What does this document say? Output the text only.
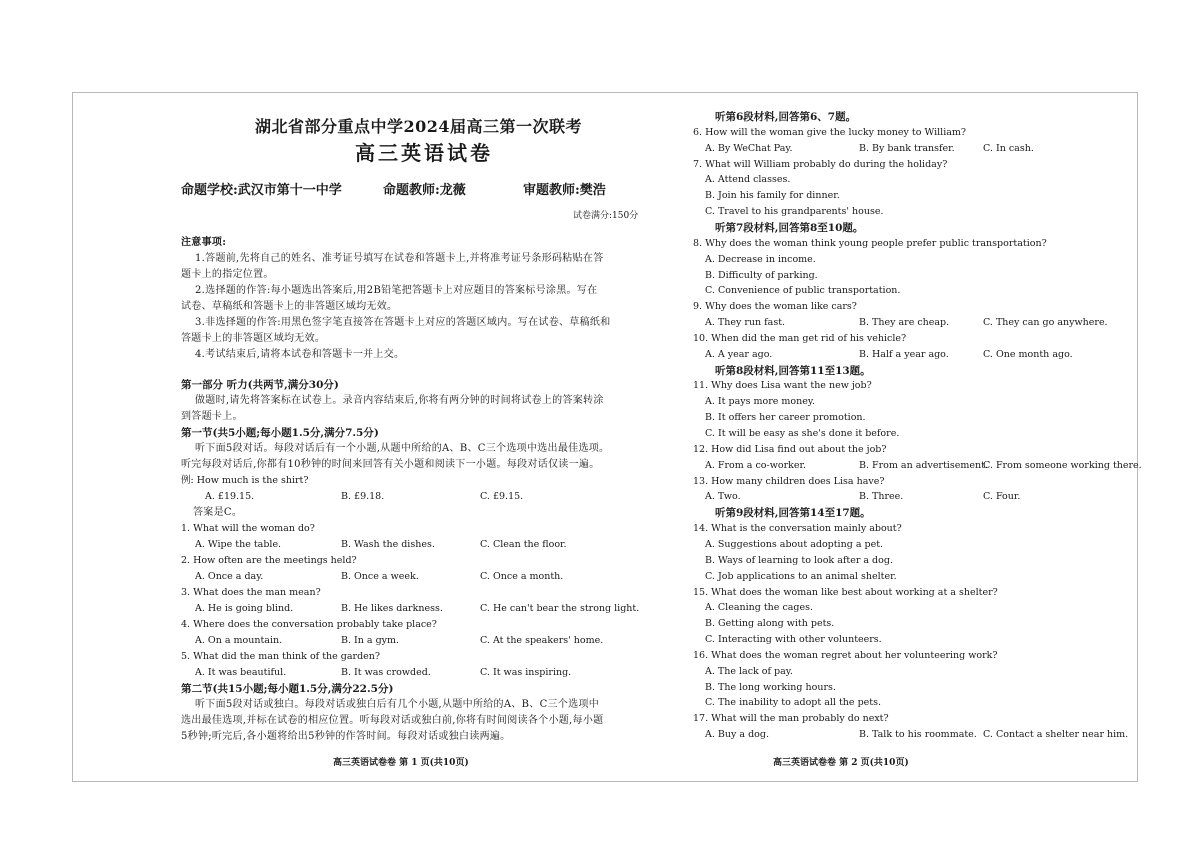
湖北省部分重点中学2024届高三第一次联考
高三英语试卷
命题学校:武汉市第十一中学	命题教师:龙薇	审题教师:樊浩
试卷满分:150分
注意事项:
1.答题前,先将自己的姓名、准考证号填写在试卷和答题卡上,并将准考证号条形码粘贴在答
题卡上的指定位置。
2.选择题的作答:每小题选出答案后,用2B铅笔把答题卡上对应题目的答案标号涂黑。写在
试卷、草稿纸和答题卡上的非答题区域均无效。
3.非选择题的作答:用黑色签字笔直接答在答题卡上对应的答题区域内。写在试卷、草稿纸和
答题卡上的非答题区域均无效。
4.考试结束后,请将本试卷和答题卡一并上交。
第一部分 听力(共两节,满分30分)
做题时,请先将答案标在试卷上。录音内容结束后,你将有两分钟的时间将试卷上的答案转涂
到答题卡上。
第一节(共5小题;每小题1.5分,满分7.5分)
听下面5段对话。每段对话后有一个小题,从题中所给的A、B、C三个选项中选出最佳选项。
听完每段对话后,你都有10秒钟的时间来回答有关小题和阅读下一小题。每段对话仅读一遍。
例: How much is the shirt?
A. £19.15.	B. £9.18.	C. £9.15.
答案是C。
1. What will the woman do?
A. Wipe the table.	B. Wash the dishes.	C. Clean the floor.
2. How often are the meetings held?
A. Once a day.	B. Once a week.	C. Once a month.
3. What does the man mean?
A. He is going blind.	B. He likes darkness.	C. He can't bear the strong light.
4. Where does the conversation probably take place?
A. On a mountain.	B. In a gym.	C. At the speakers' home.
5. What did the man think of the garden?
A. It was beautiful.	B. It was crowded.	C. It was inspiring.
第二节(共15小题;每小题1.5分,满分22.5分)
听下面5段对话或独白。每段对话或独白后有几个小题,从题中所给的A、B、C三个选项中
选出最佳选项,并标在试卷的相应位置。听每段对话或独白前,你将有时间阅读各个小题,每小题
5秒钟;听完后,各小题将给出5秒钟的作答时间。每段对话或独白读两遍。
高三英语试卷卷 第 1 页(共10页)
听第6段材料,回答第6、7题。
6. How will the woman give the lucky money to William?
A. By WeChat Pay.	B. By bank transfer.	C. In cash.
7. What will William probably do during the holiday?
A. Attend classes.
B. Join his family for dinner.
C. Travel to his grandparents' house.
听第7段材料,回答第8至10题。
8. Why does the woman think young people prefer public transportation?
A. Decrease in income.
B. Difficulty of parking.
C. Convenience of public transportation.
9. Why does the woman like cars?
A. They run fast.	B. They are cheap.	C. They can go anywhere.
10. When did the man get rid of his vehicle?
A. A year ago.	B. Half a year ago.	C. One month ago.
听第8段材料,回答第11至13题。
11. Why does Lisa want the new job?
A. It pays more money.
B. It offers her career promotion.
C. It will be easy as she's done it before.
12. How did Lisa find out about the job?
A. From a co-worker.	B. From an advertisement.
C. From someone working there.
13. How many children does Lisa have?
A. Two.	B. Three.	C. Four.
听第9段材料,回答第14至17题。
14. What is the conversation mainly about?
A. Suggestions about adopting a pet.
B. Ways of learning to look after a dog.
C. Job applications to an animal shelter.
15. What does the woman like best about working at a shelter?
A. Cleaning the cages.
B. Getting along with pets.
C. Interacting with other volunteers.
16. What does the woman regret about her volunteering work?
A. The lack of pay.
B. The long working hours.
C. The inability to adopt all the pets.
17. What will the man probably do next?
A. Buy a dog.	B. Talk to his roommate. C. Contact a shelter near him.
高三英语试卷卷 第 2 页(共10页)
